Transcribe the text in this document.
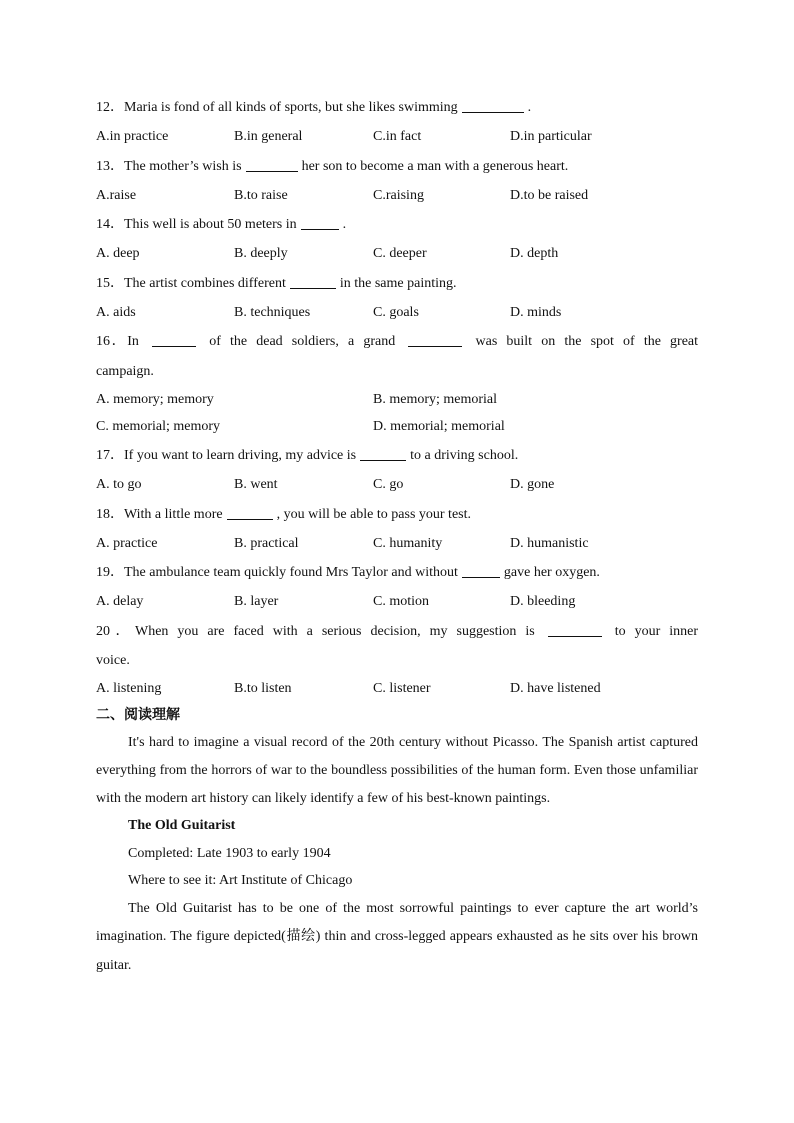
12．Maria is fond of all kinds of sports, but she likes swimming	.
A.in practice	B.in general	C.in fact	D.in particular
13．The mother’s wish is	her son to become a man with a generous heart.
A.raise	B.to raise	C.raising	D.to be raised
14．This well is about 50 meters in	.
A. deep	B. deeply	C. deeper	D. depth
15．The artist combines different	in the same painting.
A. aids	B. techniques	C. goals	D. minds
16．In	of the dead soldiers, a grand	was built on the spot of the great
campaign.
A. memory; memory	B. memory; memorial
C. memorial; memory	D. memorial; memorial
17．If you want to learn driving, my advice is	to a driving school.
A. to go	B. went	C. go	D. gone
18．With a little more	, you will be able to pass your test.
A. practice	B. practical	C. humanity	D. humanistic
19．The ambulance team quickly found Mrs Taylor and without	gave her oxygen.
A. delay	B. layer	C. motion	D. bleeding
20．When you are faced with a serious decision, my suggestion is	to your inner
voice.
A. listening	B.to listen	C. listener	D. have listened
二、阅读理解
It's hard to imagine a visual record of the 20th century without Picasso. The Spanish artist captured everything from the horrors of war to the boundless possibilities of the human form. Even those unfamiliar with the modern art history can likely identify a few of his best-known paintings.
The Old Guitarist
Completed: Late 1903 to early 1904
Where to see it: Art Institute of Chicago
The Old Guitarist has to be one of the most sorrowful paintings to ever capture the art world’s imagination. The figure depicted(描绘) thin and cross-legged appears exhausted as he sits over his brown guitar.
